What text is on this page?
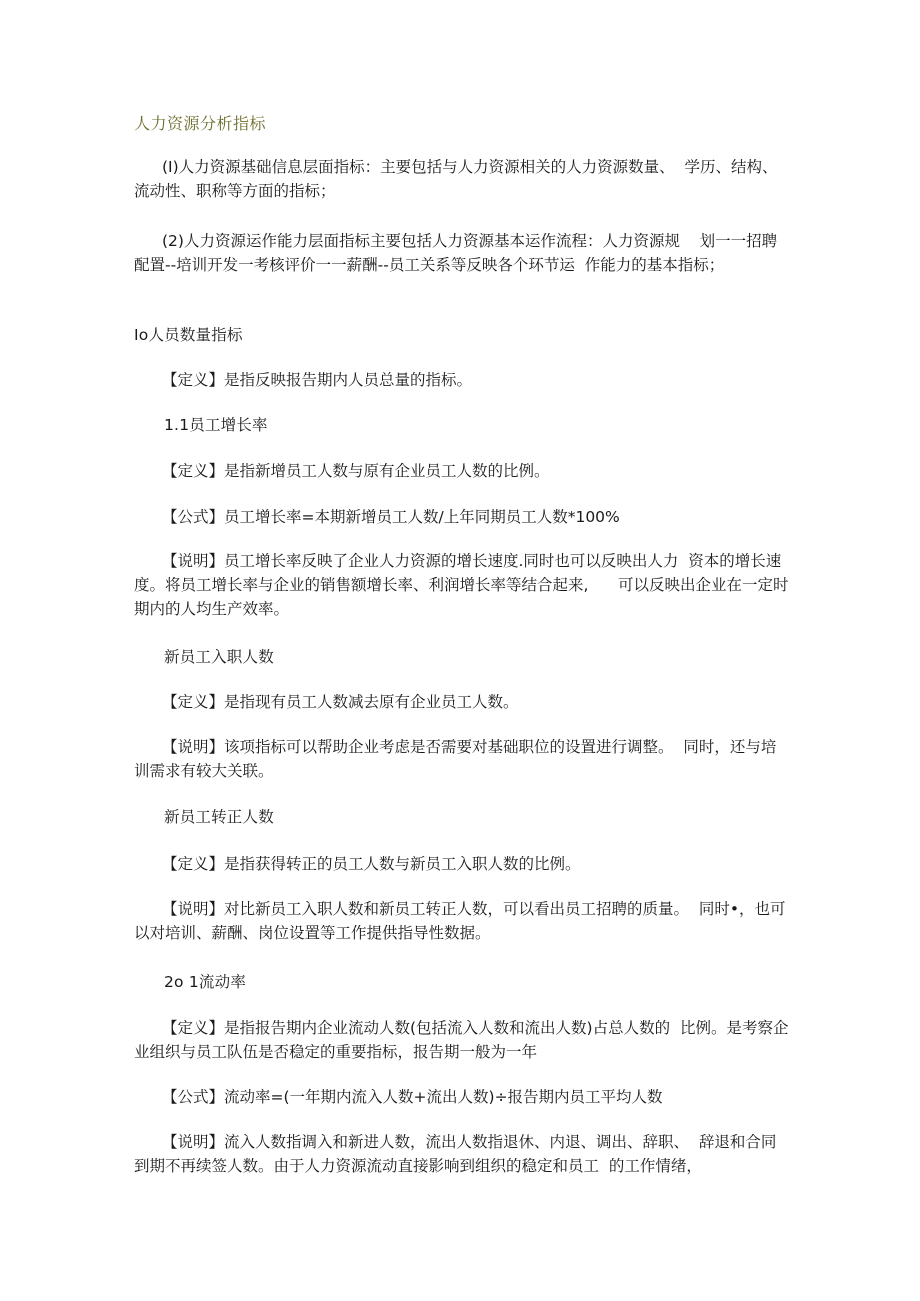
人力资源分析指标
(I)人力资源基础信息层面指标：主要包括与人力资源相关的人力资源数量、  学历、结构、流动性、职称等方面的指标；
(2)人力资源运作能力层面指标主要包括人力资源基本运作流程：人力资源规    划一一招聘配置--培训开发一考核评价一一薪酬--员工关系等反映各个环节运  作能力的基本指标；
Io人员数量指标
【定义】是指反映报告期内人员总量的指标。
1.1员工增长率
【定义】是指新增员工人数与原有企业员工人数的比例。
【公式】员工增长率=本期新增员工人数/上年同期员工人数*100%
【说明】员工增长率反映了企业人力资源的增长速度.同时也可以反映出人力  资本的增长速度。将员工增长率与企业的销售额增长率、利润增长率等结合起来,      可以反映出企业在一定时期内的人均生产效率。
新员工入职人数
【定义】是指现有员工人数减去原有企业员工人数。
【说明】该项指标可以帮助企业考虑是否需要对基础职位的设置进行调整。  同时，还与培训需求有较大关联。
新员工转正人数
【定义】是指获得转正的员工人数与新员工入职人数的比例。
【说明】对比新员工入职人数和新员工转正人数，可以看出员工招聘的质量。  同时•，也可以对培训、薪酬、岗位设置等工作提供指导性数据。
2o 1流动率
【定义】是指报告期内企业流动人数(包括流入人数和流出人数)占总人数的  比例。是考察企业组织与员工队伍是否稳定的重要指标，报告期一般为一年
【公式】流动率=(一年期内流入人数+流出人数)÷报告期内员工平均人数
【说明】流入人数指调入和新进人数，流出人数指退休、内退、调出、辞职、  辞退和合同到期不再续签人数。由于人力资源流动直接影响到组织的稳定和员工  的工作情绪，
